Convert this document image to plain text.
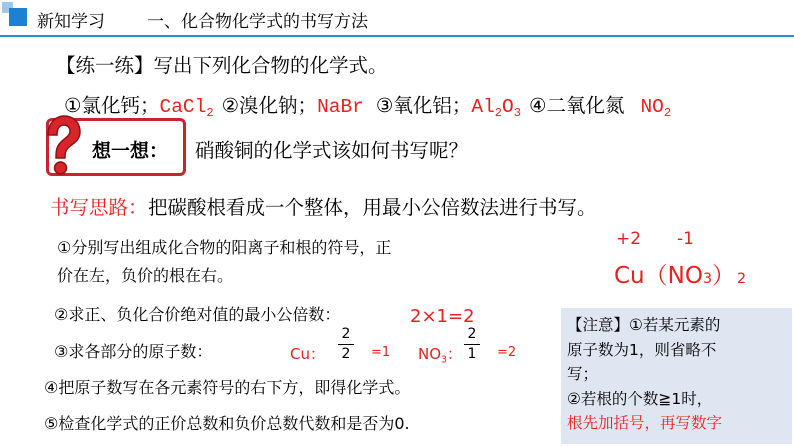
新知学习 一、化合物化学式的书写方法
【练一练】写出下列化合物的化学式。
① 氯化钙； CaCl$_2$ ② 溴化钠； NaBr ③ 氧化铝； $Al_2O_3$ ④ 二氧化氮 $NO_2$
想一想： 硝酸铜的化学式该如何书写呢？
书写思路： 把碳酸根看成一个整体，用最小公倍数法进行书写。
①分别写出组成化合物的阳离子和根的符号，正
价在左，负价的根在右。
②求正、负化合价绝对值的最小公倍数：	2×1=2
③求各部分的原子数：	Cu：
2
2 =1 $NO_3$：
2
1 =2
④把原子数写在各元素符号的右下方，即得化学式。
⑤检查化学式的正价总数和负价总数代数和是否为0.
+2 -1
Cu （ NO 3 ） 2
【注意】①若某元素的
原子数为1，则省略不
写；
②若根的个数≧1时，
根先加括号，再写数字
